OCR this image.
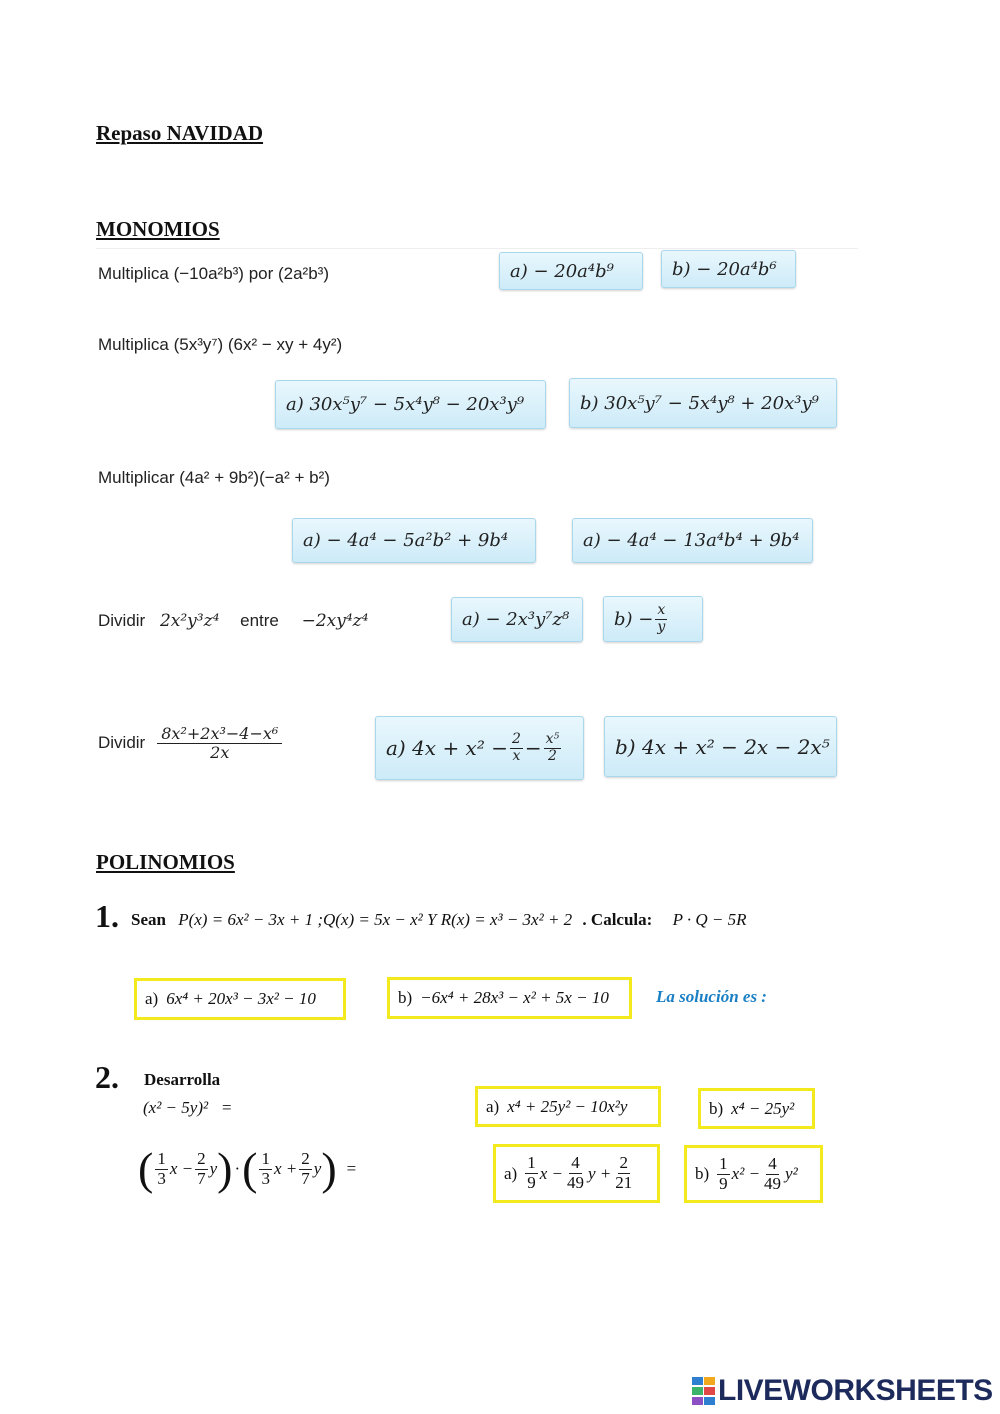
Repaso NAVIDAD
MONOMIOS
Multiplica (−10a²b³) por (2a²b³)	a) − 20a⁴b⁹	b) − 20a⁴b⁶
Multiplica (5x³y⁷) (6x² − xy + 4y²)
a) 30x⁵y⁷ − 5x⁴y⁸ − 20x³y⁹	b) 30x⁵y⁷ − 5x⁴y⁸ + 20x³y⁹
Multiplicar (4a² + 9b²)(−a² + b²)
a) − 4a⁴ − 5a²b² + 9b⁴	a) − 4a⁴ − 13a⁴b⁴ + 9b⁴
Dividir 2x²y³z⁴ entre −2xy⁴z⁴	a) − 2x³y⁷z⁸	$b) - \frac{x}{y}$
Dividir $\frac{\text{8x²+2x³−4−x⁶}}{2x}$	a) $4x + x^2 - \frac{2}{x} - \frac{\text{x⁵}}{2}$	b) 4x + x² − 2x − 2x⁵
POLINOMIOS
1. Sean P(x) = 6x² − 3x + 1 ;Q(x) = 5x − x² Y R(x) = x³ − 3x² + 2 . Calcula: P · Q − 5R
a) 6x⁴ + 20x³ − 3x² − 10	b) −6x⁴ + 28x³ − x² + 5x − 10	La solución es :
2. Desarrolla
(x² − 5y)²   =	a) x⁴ + 25y² − 10x²y	b) x⁴ − 25y²
( $\frac{1}{3}$ $x - \frac{2}{7}$ y ) · ( $\frac{1}{3}$ $x + \frac{2}{7}$ y ) =	$a) \frac{1}{9}$ $x - \frac{4}{49}$ $y + \frac{2}{21}$	$b) \frac{1}{9} x^2 - \frac{4}{49} y^2$
LIVEWORKSHEETS
